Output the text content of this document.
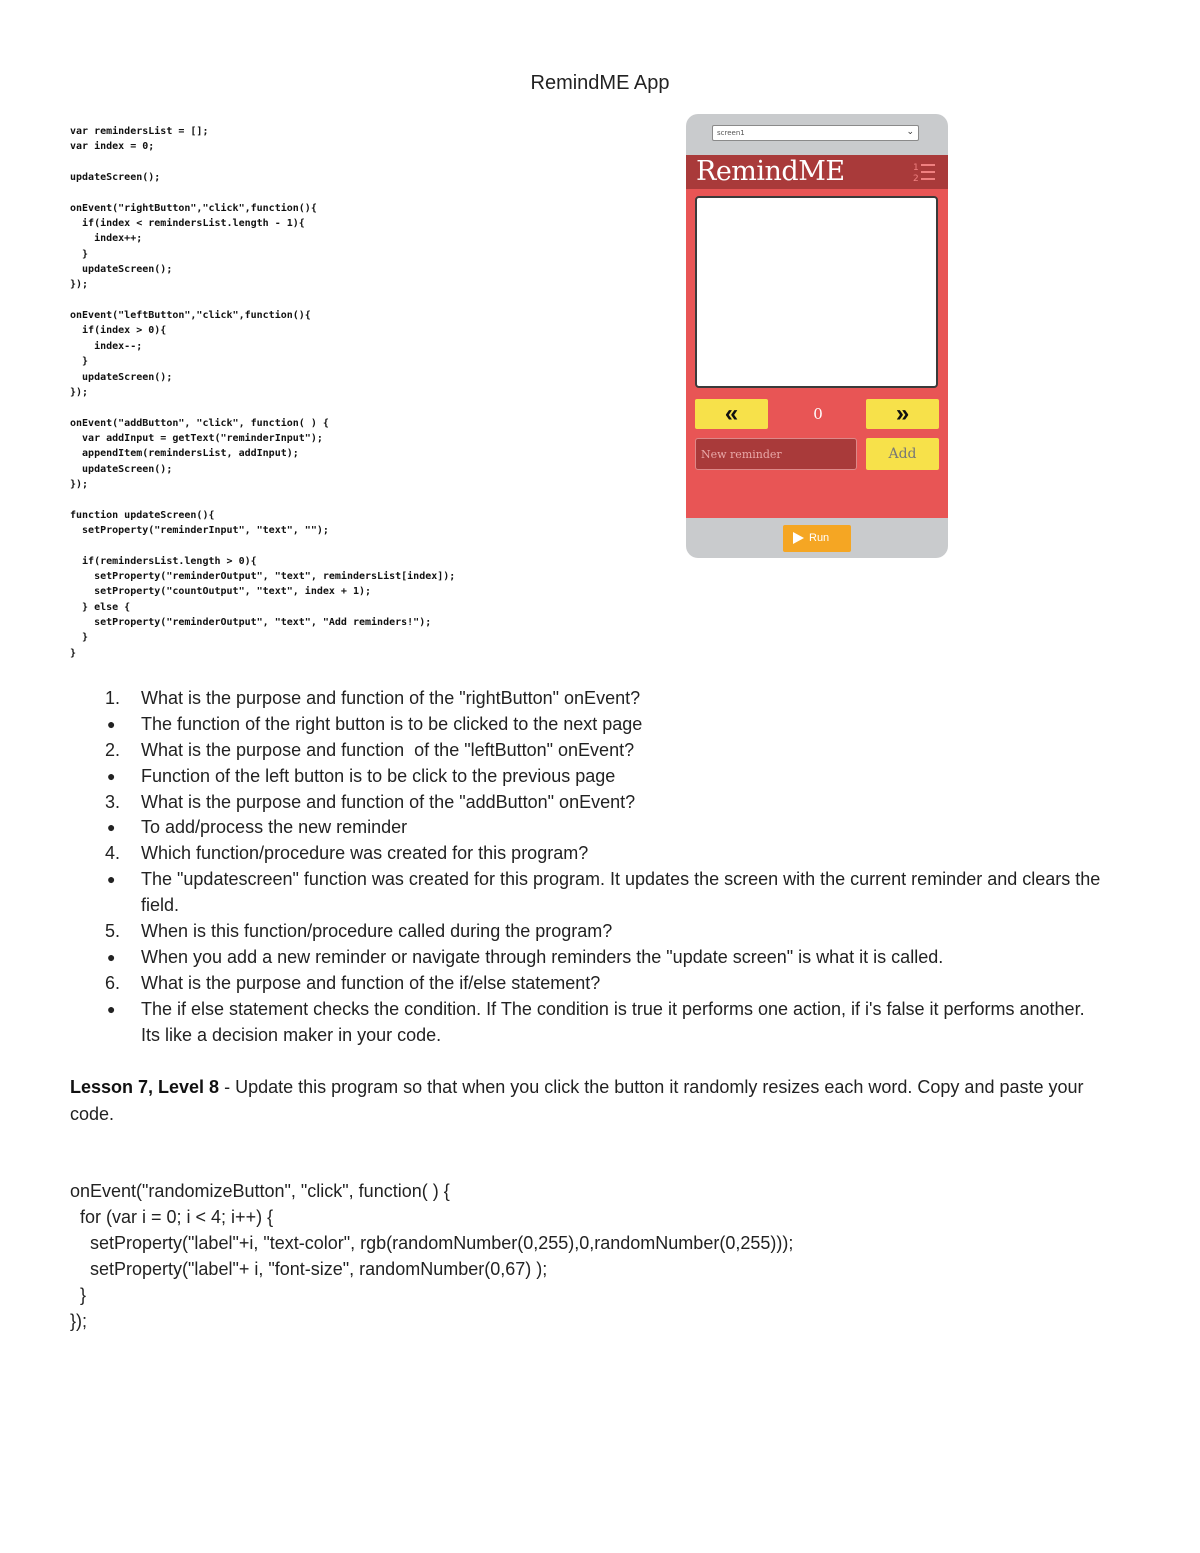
RemindME App
var remindersList = [];
var index = 0;
updateScreen();
onEvent("rightButton","click",function(){
if(index < remindersList.length - 1){
index++;
}
updateScreen();
});
onEvent("leftButton","click",function(){
if(index > 0){
index--;
}
updateScreen();
});
onEvent("addButton", "click", function( ) {
var addInput = getText("reminderInput");
appendItem(remindersList, addInput);
updateScreen();
});
function updateScreen(){
setProperty("reminderInput", "text", "");
if(remindersList.length > 0){
setProperty("reminderOutput", "text", remindersList[index]);
setProperty("countOutput", "text", index + 1);
} else {
setProperty("reminderOutput", "text", "Add reminders!");
}
}
screen1	⌄
RemindME	1
2
«	0	»
New reminder	Add
Run
1. What is the purpose and function of the "rightButton" onEvent?
● The function of the right button is to be clicked to the next page
2. What is the purpose and function  of the "leftButton" onEvent?
● Function of the left button is to be click to the previous page
3. What is the purpose and function of the "addButton" onEvent?
● To add/process the new reminder
4. Which function/procedure was created for this program?
● The "updatescreen" function was created for this program. It updates the screen with the current reminder and clears the field.
5. When is this function/procedure called during the program?
● When you add a new reminder or navigate through reminders the "update screen" is what it is called.
6. What is the purpose and function of the if/else statement?
● The if else statement checks the condition. If The condition is true it performs one action, if i's false it performs another. Its like a decision maker in your code.
Lesson 7, Level 8 - Update this program so that when you click the button it randomly resizes each word. Copy and paste your code.
onEvent("randomizeButton", "click", function( ) {
for (var i = 0; i < 4; i++) {
setProperty("label"+i, "text-color", rgb(randomNumber(0,255),0,randomNumber(0,255)));
setProperty("label"+ i, "font-size", randomNumber(0,67) );
}
});
